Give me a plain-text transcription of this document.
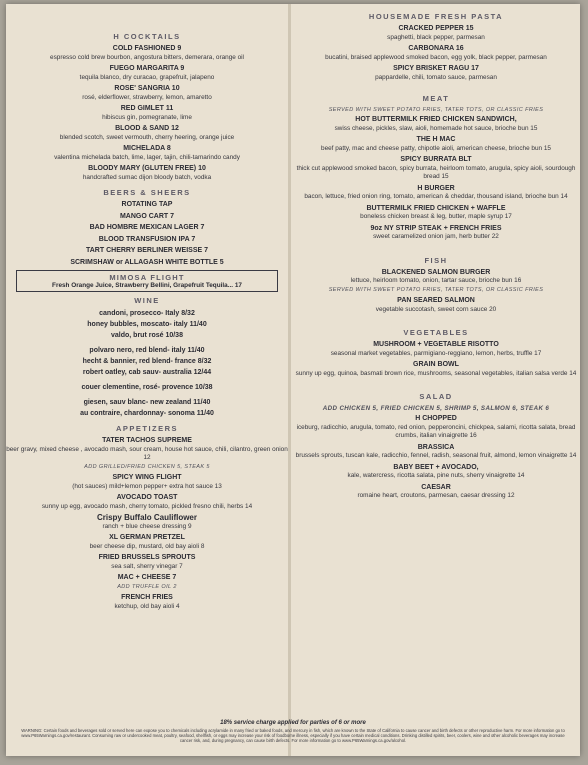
H COCKTAILS
COLD FASHIONED 9
espresso cold brew bourbon, angostura bitters, demerara, orange oil
FUEGO MARGARITA 9
tequila blanco, dry curacao, grapefruit, jalapeno
ROSE' SANGRIA 10
rosé, elderflower, strawberry, lemon, amaretto
RED GIMLET 11
hibiscus gin, pomegranate, lime
BLOOD & SAND 12
blended scotch, sweet vermouth, cherry heering, orange juice
MICHELADA 8
valentina michelada batch, lime, lager, tajin, chili-tamarindo candy
BLOODY MARY (GLUTEN FREE) 10
handcrafted sumac dijon bloody batch, vodka
BEERS & SHEERS
ROTATING TAP
MANGO CART 7
BAD HOMBRE MEXICAN LAGER 7
BLOOD TRANSFUSION IPA 7
TART CHERRY BERLINER WEISSE 7
SCRIMSHAW or ALLAGASH WHITE BOTTLE 5
MIMOSA FLIGHT
Fresh Orange Juice, Strawberry Bellini, Grapefruit Tequila... 17
WINE
candoni, prosecco- Italy 8/32
honey bubbles, moscato- italy 11/40
valdo, brut rosé 10/38
polvaro nero, red blend- italy 11/40
hecht & bannier, red blend- france 8/32
robert oatley, cab sauv- australia 12/44
couer clementine, rosé- provence 10/38
giesen, sauv blanc- new zealand 11/40
au contraire, chardonnay- sonoma 11/40
APPETIZERS
TATER TACHOS SUPREME
beer gravy, mixed cheese , avocado mash, sour cream, house hot sauce, chili, cilantro, green onion 12
ADD GRILLED/FRIED CHICKEN 5, STEAK 5
SPICY WING FLIGHT
(hot sauces) mild+lemon pepper+ extra hot sauce 13
AVOCADO TOAST
sunny up egg, avocado mash, cherry tomato, pickled fresno chili, herbs 14
Crispy Buffalo Cauliflower
ranch + blue cheese dressing 9
XL GERMAN PRETZEL
beer cheese dip, mustard, old bay aioli 8
FRIED BRUSSELS SPROUTS
sea salt, sherry vinegar 7
MAC + CHEESE 7
ADD TRUFFLE OIL 2
FRENCH FRIES
ketchup, old bay aioli 4
HOUSEMADE FRESH PASTA
CRACKED PEPPER 15
spaghetti, black pepper, parmesan
CARBONARA 16
bucatini, braised applewood smoked bacon, egg yolk, black pepper, parmesan
SPICY BRISKET RAGU 17
pappardelle, chili, tomato sauce, parmesan
MEAT
SERVED WITH SWEET POTATO FRIES, TATER TOTS, OR CLASSIC FRIES
HOT BUTTERMILK FRIED CHICKEN SANDWICH,
swiss cheese, pickles, slaw, aioli, homemade hot sauce, brioche bun 15
THE H MAC
beef patty, mac and cheese patty, chipotle aioli, american cheese, brioche bun 15
SPICY BURRATA BLT
thick cut applewood smoked bacon, spicy burrata, heirloom tomato, arugula, spicy aioli, sourdough bread 15
H BURGER
bacon, lettuce, fried onion ring, tomato, american & cheddar, thousand island, brioche bun 14
BUTTERMILK FRIED CHICKEN + WAFFLE
boneless chicken breast & leg, butter, maple syrup 17
9oz NY STRIP STEAK + FRENCH FRIES
sweet caramelized onion jam, herb butter 22
FISH
BLACKENED SALMON BURGER
lettuce, heirloom tomato, onion, tartar sauce, brioche bun 16
SERVED WITH SWEET POTATO FRIES, TATER TOTS, OR CLASSIC FRIES
PAN SEARED SALMON
vegetable succotash, sweet corn sauce 20
VEGETABLES
MUSHROOM + VEGETABLE RISOTTO
seasonal market vegetables, parmigiano-reggiano, lemon, herbs, truffle 17
GRAIN BOWL
sunny up egg, quinoa, basmati brown rice, mushrooms, seasonal vegetables, italian salsa verde 14
SALAD
ADD CHICKEN 5, FRIED CHICKEN 5, SHRIMP 5, SALMON 6, STEAK 6
H CHOPPED
iceburg, radicchio, arugula, tomato, red onion, pepperoncini, chickpea, salami, ricotta salata, bread crumbs, italian vinaigrette 16
BRASSICA
brussels sprouts, tuscan kale, radicchio, fennel, radish, seasonal fruit, almond, lemon vinaigrette 14
BABY BEET + AVOCADO,
kale, watercress, ricotta salata, pine nuts, sherry vinaigrette 14
CAESAR
romaine heart, croutons, parmesan, caesar dressing 12
18% service charge applied for parties of 6 or more
WARNING: Certain foods and beverages sold or served here can expose you to chemicals including acrylamide in many fried or baked foods, and mercury in fish, which are known to the State of California to cause cancer and birth defects or other reproductive harm. For more information go to www.P65Warnings.ca.gov/restaurant. Consuming raw or undercooked meat, poultry, seafood, shellfish, or eggs may increase your risk of foodborne illness, especially if you have certain medical conditions. Drinking distilled spirits, beer, coolers, wine and other alcoholic beverages may increase cancer risk, and, during pregnancy, can cause birth defects. For more information go to www.P65Warnings.ca.gov/alcohol.
